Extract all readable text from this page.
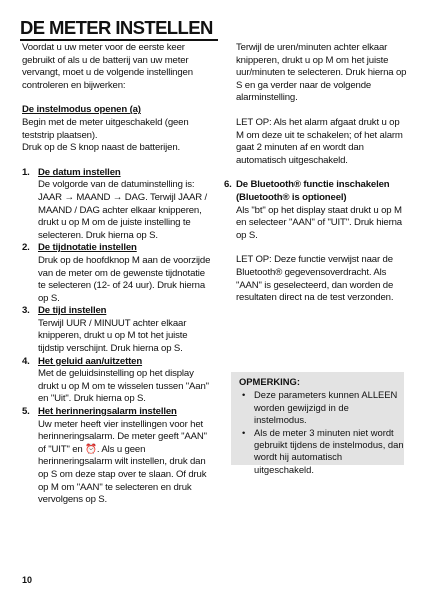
DE METER INSTELLEN

Voordat u uw meter voor de eerste keer gebruikt of als u de batterij van uw meter vervangt, moet u de volgende instellingen controleren en bijwerken:

De instelmodus openen (a)

Begin met de meter uitgeschakeld (geen teststrip plaatsen).

Druk op de S knop naast de batterijen.

1. De datum instellen
De volgorde van de datuminstelling is: JAAR → MAAND → DAG. Terwijl JAAR / MAAND / DAG achter elkaar knipperen, drukt u op M om de juiste instelling te selecteren. Druk hierna op S.
2. De tijdnotatie instellen
Druk op de hoofdknop M aan de voorzijde van de meter om de gewenste tijdnotatie te selecteren (12- of 24 uur). Druk hierna op S.
3. De tijd instellen
Terwijl UUR / MINUUT achter elkaar knipperen, drukt u op M tot het juiste tijdstip verschijnt. Druk hierna op S.
4. Het geluid aan/uitzetten
Met de geluidsinstelling op het display drukt u op M om te wisselen tussen "Aan" en "Uit". Druk hierna op S.
5. Het herinneringsalarm instellen
Uw meter heeft vier instellingen voor het herinneringsalarm. De meter geeft "AAN" of "UIT" en ⏰. Als u geen herinneringsalarm wilt instellen, druk dan op S om deze stap over te slaan. Of druk op M om "AAN" te selecteren en druk vervolgens op S.

Terwijl de uren/minuten achter elkaar knipperen, drukt u op M om het juiste uur/minuten te selecteren. Druk hierna op S en ga verder naar de volgende alarminstelling.

LET OP: Als het alarm afgaat drukt u op M om deze uit te schakelen; of het alarm gaat 2 minuten af en wordt dan automatisch uitgeschakeld.

6. De Bluetooth® functie inschakelen (Bluetooth® is optioneel)
Als "bt" op het display staat drukt u op M en selecteer "AAN" of "UIT". Druk hierna op S.

LET OP: Deze functie verwijst naar de Bluetooth® gegevensoverdracht. Als "AAN" is geselecteerd, dan worden de resultaten direct na de test verzonden.

OPMERKING:
• Deze parameters kunnen ALLEEN worden gewijzigd in de instelmodus.
• Als de meter 3 minuten niet wordt gebruikt tijdens de instelmodus, dan wordt hij automatisch uitgeschakeld.
10
